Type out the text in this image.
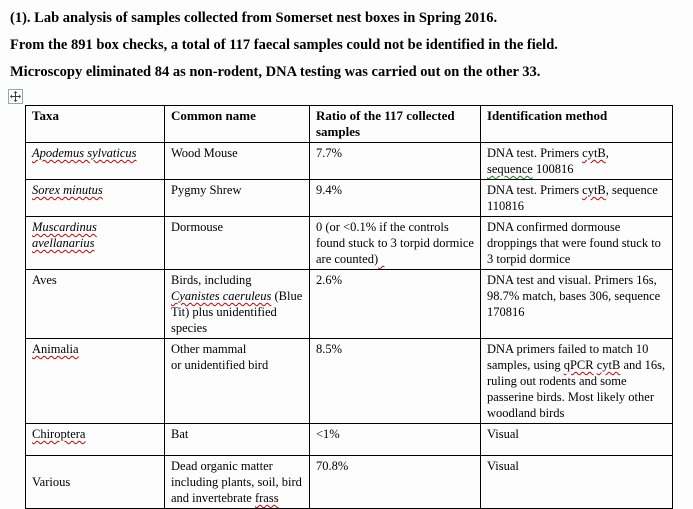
(1). Lab analysis of samples collected from Somerset nest boxes in Spring 2016.

From the 891 box checks, a total of 117 faecal samples could not be identified in the field.

Microscopy eliminated 84 as non-rodent, DNA testing was carried out on the other 33.

Taxa	Common name	Ratio of the 117 collected samples	Identification method
Apodemus sylvaticus	Wood Mouse	7.7%	DNA test. Primers cytB,
sequence 100816
Sorex minutus	Pygmy Shrew	9.4%	DNA test. Primers cytB, sequence
110816
Muscardinus avellanarius	Dormouse	0 (or <0.1% if the controls found stuck to 3 torpid dormice are counted)	DNA confirmed dormouse droppings that were found stuck to 3 torpid dormice
Aves	Birds, including Cyanistes caeruleus (Blue Tit) plus unidentified species	2.6%	DNA test and visual. Primers 16s, 98.7% match, bases 306, sequence 170816
Animalia	Other mammal
or unidentified bird	8.5%	DNA primers failed to match 10 samples, using qPCR cytB and 16s, ruling out rodents and some passerine birds. Most likely other woodland birds
Chiroptera	Bat	<1%	Visual
Various	Dead organic matter including plants, soil, bird and invertebrate frass	70.8%	Visual
